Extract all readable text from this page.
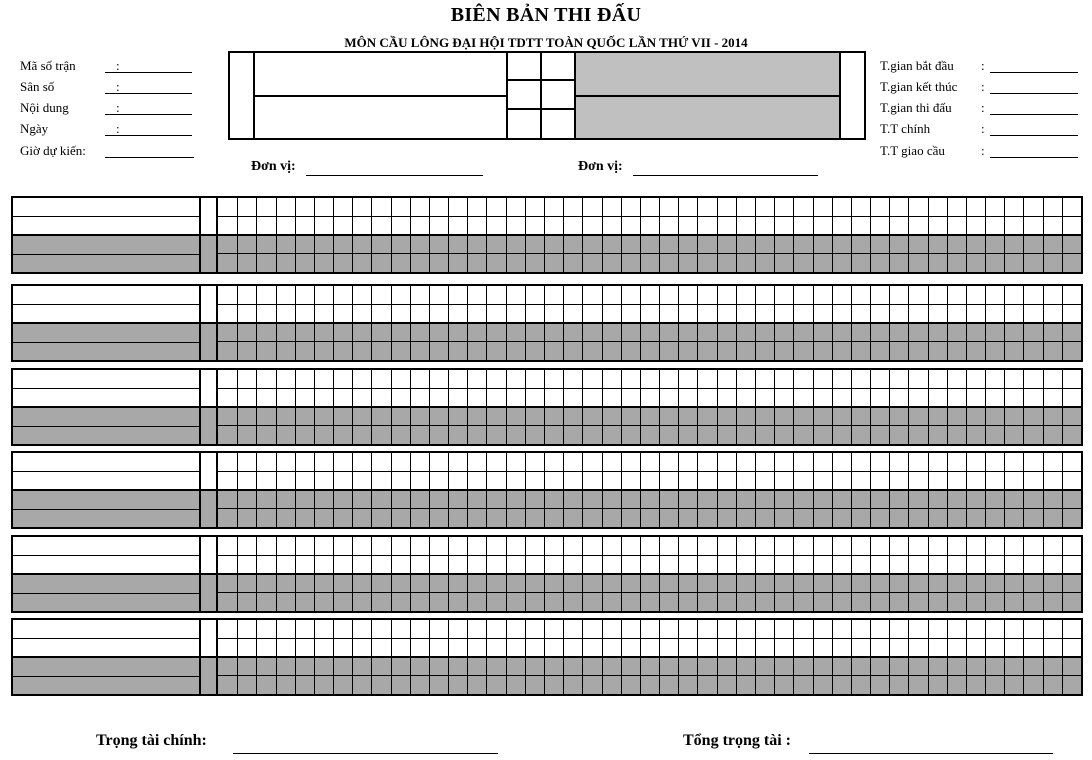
BIÊN BẢN THI ĐẤU
MÔN CẦU LÔNG ĐẠI HỘI TDTT TOÀN QUỐC LẦN THỨ VII - 2014
Mã số trận	:
Sân số	:
Nội dung	:
Ngày	:
Giờ dự kiến:
T.gian bắt đầu :
T.gian kết thúc :
T.gian thi đấu :
T.T chính	:
T.T giao cầu	:
Đơn vị:	Đơn vị:
Trọng tài chính:	Tổng trọng tài :
